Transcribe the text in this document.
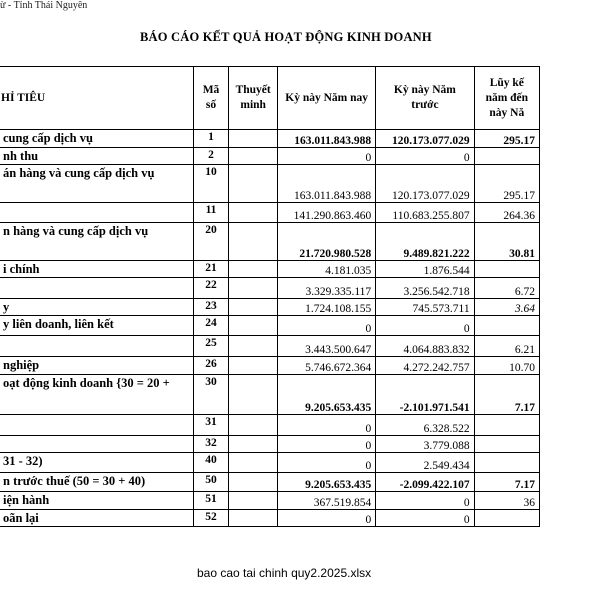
ừ - Tỉnh Thái Nguyên
BÁO CÁO KẾT QUẢ HOẠT ĐỘNG KINH DOANH
HỈ TIÊU	Mã số	Thuyết minh	Kỳ này Năm nay	Kỳ này Năm trước	Lũy kế năm đến này Nă
cung cấp dịch vụ	1		163.011.843.988	120.173.077.029	295.17
nh thu	2		0	0	
án hàng và cung cấp dịch vụ	10		163.011.843.988	120.173.077.029	295.17
	11		141.290.863.460	110.683.255.807	264.36
n hàng và cung cấp dịch vụ	20		21.720.980.528	9.489.821.222	30.81
i chính	21		4.181.035	1.876.544	
	22		3.329.335.117	3.256.542.718	6.72
y	23		1.724.108.155	745.573.711	3.64
y liên doanh, liên kết	24		0	0	
	25		3.443.500.647	4.064.883.832	6.21
nghiệp	26		5.746.672.364	4.272.242.757	10.70
oạt động kinh doanh {30 = 20 +	30		9.205.653.435	-2.101.971.541	7.17
	31		0	6.328.522	
	32		0	3.779.088	
31 - 32)	40		0	2.549.434	
n trước thuế (50 = 30 + 40)	50		9.205.653.435	-2.099.422.107	7.17
iện hành	51		367.519.854	0	36
oãn lại	52		0	0	
bao cao tai chinh quy2.2025.xlsx
